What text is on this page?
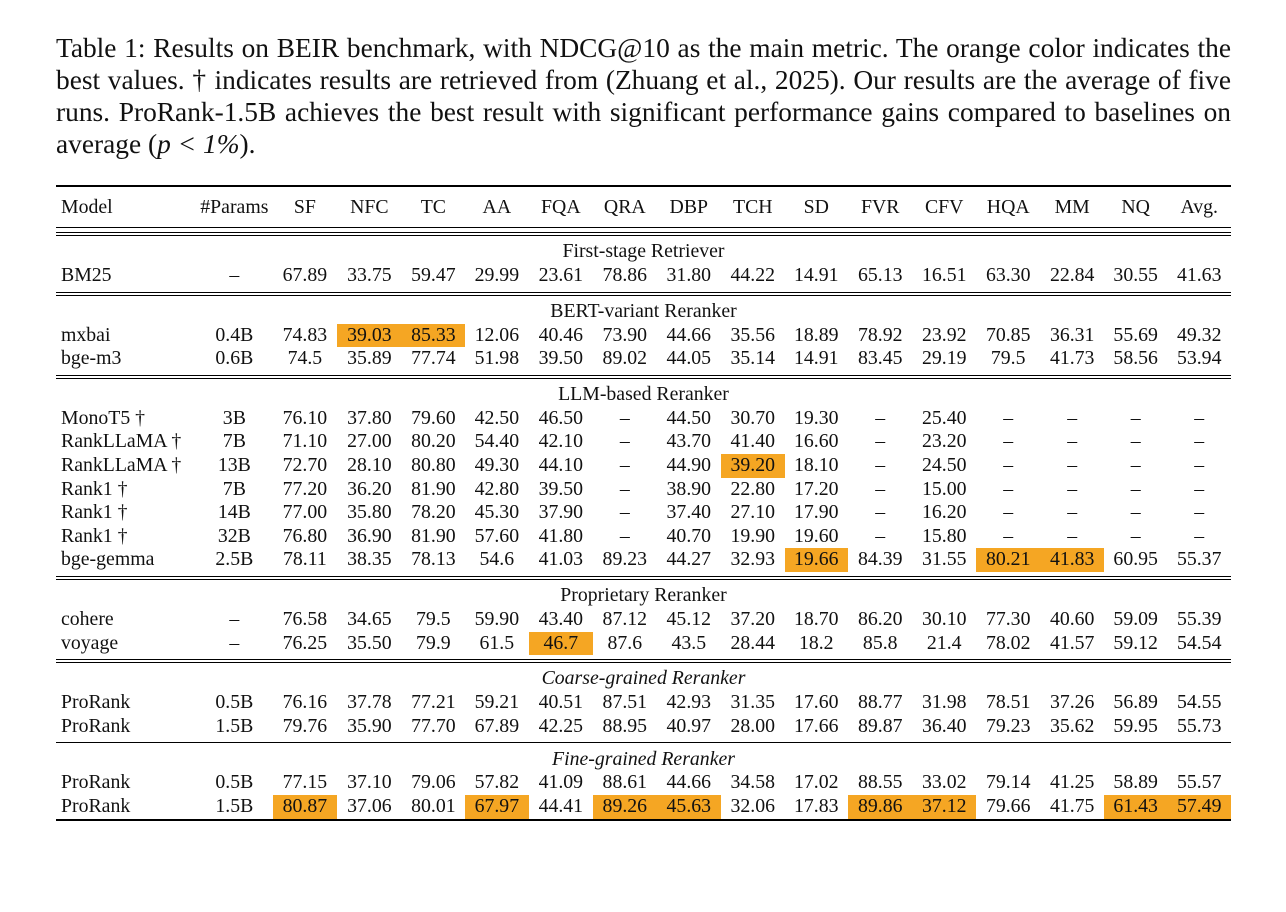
Table 1: Results on BEIR benchmark, with NDCG@10 as the main metric. The orange color indicates the best values. † indicates results are retrieved from (Zhuang et al., 2025). Our results are the average of five runs. ProRank-1.5B achieves the best result with significant performance gains compared to baselines on average (p < 1%).
Model	#Params	SF	NFC	TC	AA	FQA	QRA	DBP	TCH	SD	FVR	CFV	HQA	MM	NQ	Avg.

First-stage Retriever																
BM25	–	67.89	33.75	59.47	29.99	23.61	78.86	31.80	44.22	14.91	65.13	16.51	63.30	22.84	30.55	41.63

BERT-variant Reranker																
mxbai	0.4B	74.83	39.03	85.33	12.06	40.46	73.90	44.66	35.56	18.89	78.92	23.92	70.85	36.31	55.69	49.32
bge-m3	0.6B	74.5	35.89	77.74	51.98	39.50	89.02	44.05	35.14	14.91	83.45	29.19	79.5	41.73	58.56	53.94

LLM-based Reranker																
MonoT5 †	3B	76.10	37.80	79.60	42.50	46.50	–	44.50	30.70	19.30	–	25.40	–	–	–	–
RankLLaMA †	7B	71.10	27.00	80.20	54.40	42.10	–	43.70	41.40	16.60	–	23.20	–	–	–	–
RankLLaMA †	13B	72.70	28.10	80.80	49.30	44.10	–	44.90	39.20	18.10	–	24.50	–	–	–	–
Rank1 †	7B	77.20	36.20	81.90	42.80	39.50	–	38.90	22.80	17.20	–	15.00	–	–	–	–
Rank1 †	14B	77.00	35.80	78.20	45.30	37.90	–	37.40	27.10	17.90	–	16.20	–	–	–	–
Rank1 †	32B	76.80	36.90	81.90	57.60	41.80	–	40.70	19.90	19.60	–	15.80	–	–	–	–
bge-gemma	2.5B	78.11	38.35	78.13	54.6	41.03	89.23	44.27	32.93	19.66	84.39	31.55	80.21	41.83	60.95	55.37

Proprietary Reranker																
cohere	–	76.58	34.65	79.5	59.90	43.40	87.12	45.12	37.20	18.70	86.20	30.10	77.30	40.60	59.09	55.39
voyage	–	76.25	35.50	79.9	61.5	46.7	87.6	43.5	28.44	18.2	85.8	21.4	78.02	41.57	59.12	54.54

Coarse-grained Reranker																
ProRank	0.5B	76.16	37.78	77.21	59.21	40.51	87.51	42.93	31.35	17.60	88.77	31.98	78.51	37.26	56.89	54.55
ProRank	1.5B	79.76	35.90	77.70	67.89	42.25	88.95	40.97	28.00	17.66	89.87	36.40	79.23	35.62	59.95	55.73

Fine-grained Reranker																
ProRank	0.5B	77.15	37.10	79.06	57.82	41.09	88.61	44.66	34.58	17.02	88.55	33.02	79.14	41.25	58.89	55.57
ProRank	1.5B	80.87	37.06	80.01	67.97	44.41	89.26	45.63	32.06	17.83	89.86	37.12	79.66	41.75	61.43	57.49
